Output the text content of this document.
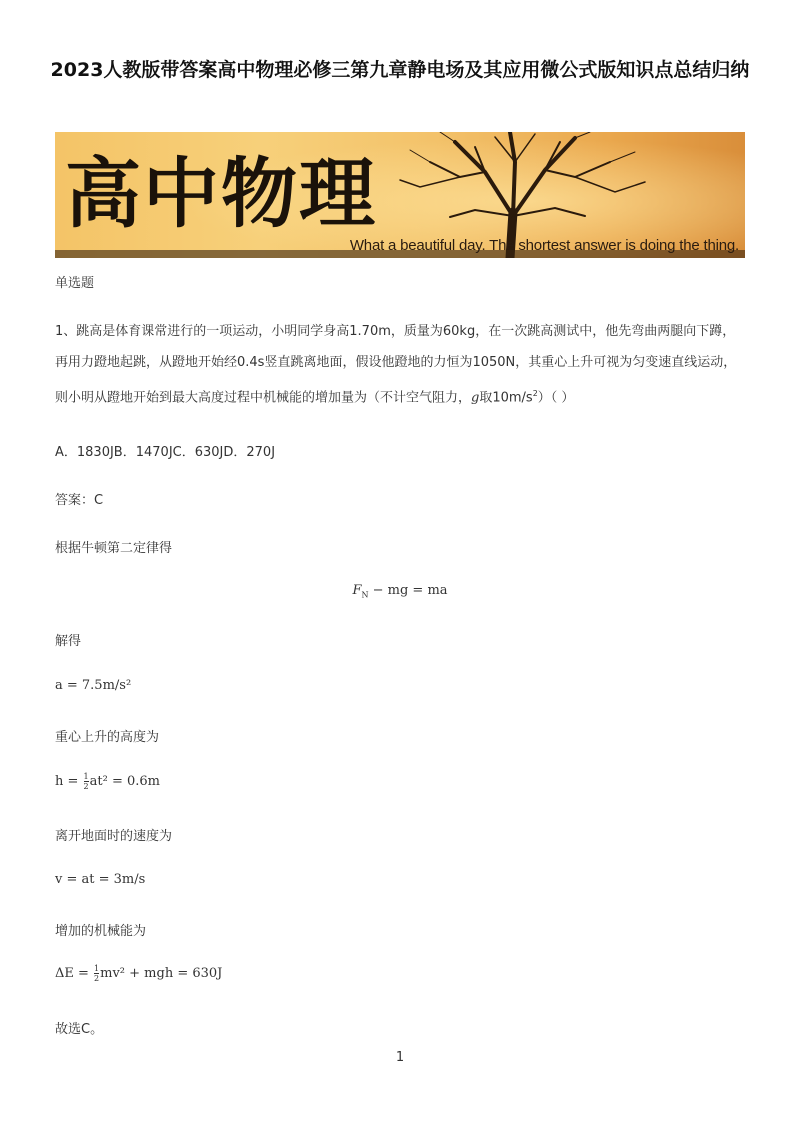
2023人教版带答案高中物理必修三第九章静电场及其应用微公式版知识点总结归纳
高中物理
What a beautiful day. The shortest answer is doing the thing.
单选题
1、跳高是体育课常进行的一项运动，小明同学身高1.70m，质量为60kg，在一次跳高测试中，他先弯曲两腿向下蹲，再用力蹬地起跳，从蹬地开始经0.4s竖直跳离地面，假设他蹬地的力恒为1050N，其重心上升可视为匀变速直线运动，则小明从蹬地开始到最大高度过程中机械能的增加量为（不计空气阻力，g取$10m/s^2$）（ ）
A．1830JB．1470JC．630JD．270J
答案：C
根据牛顿第二定律得
$F_N$ − mg = ma
解得
a = 7.5m/s²
重心上升的高度为
$h = \frac{1}{2} at^2 = 0.6m$
离开地面时的速度为
v = at = 3m/s
增加的机械能为
$\Delta E = \frac{1}{2} mv^2$ + mgh = 630J
故选C。
1
